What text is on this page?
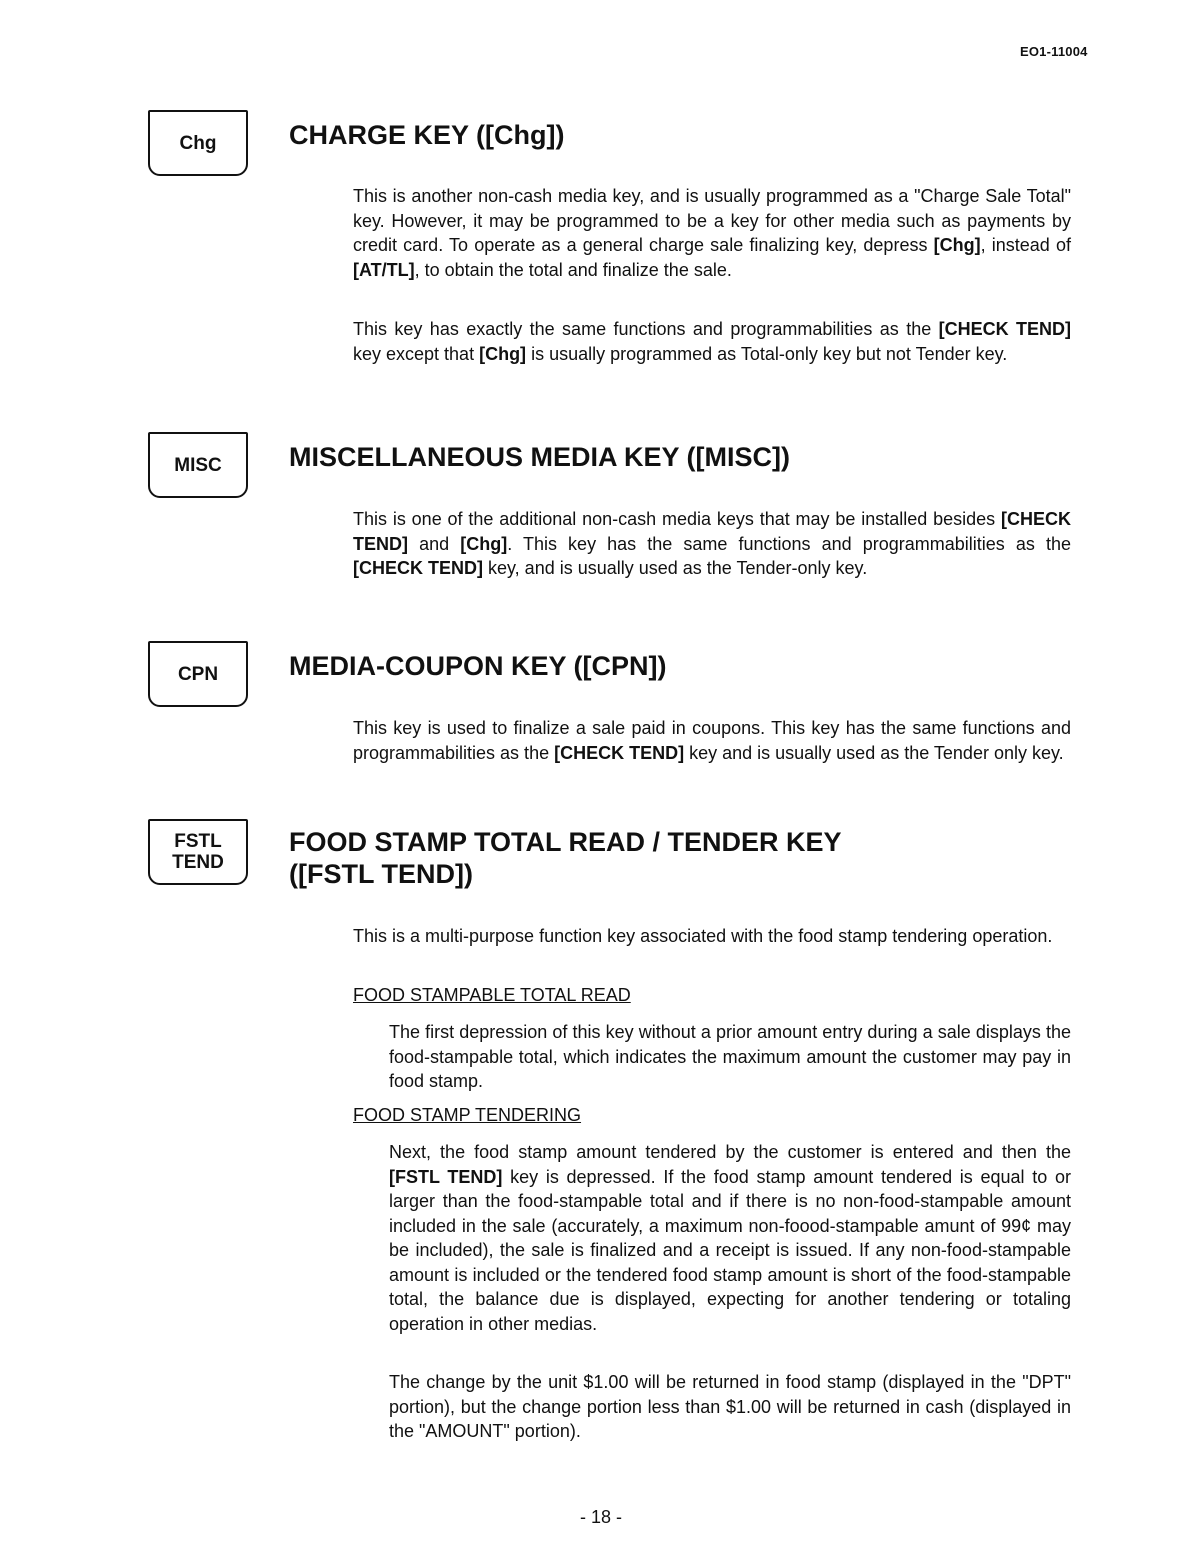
EO1-11004
Chg	CHARGE KEY ([Chg])

This is another non-cash media key, and is usually programmed as a "Charge Sale Total" key. However, it may be programmed to be a key for other media such as payments by credit card. To operate as a general charge sale finalizing key, depress [Chg], instead of [AT/TL], to obtain the total and finalize the sale.

This key has exactly the same functions and programmabilities as the [CHECK TEND] key except that [Chg] is usually programmed as Total-only key but not Tender key.

MISC MISCELLANEOUS MEDIA KEY ([MISC])

This is one of the additional non-cash media keys that may be installed besides [CHECK TEND] and [Chg]. This key has the same functions and programmabilities as the [CHECK TEND] key, and is usually used as the Tender-only key.

CPN	MEDIA-COUPON KEY ([CPN])

This key is used to finalize a sale paid in coupons. This key has the same functions and programmabilities as the [CHECK TEND] key and is usually used as the Tender only key.

FSTL
TEND
FOOD STAMP TOTAL READ / TENDER KEY
([FSTL TEND])

This is a multi-purpose function key associated with the food stamp tendering operation.

FOOD STAMPABLE TOTAL READ

The first depression of this key without a prior amount entry during a sale displays the food-stampable total, which indicates the maximum amount the customer may pay in food stamp.

FOOD STAMP TENDERING

Next, the food stamp amount tendered by the customer is entered and then the [FSTL TEND] key is depressed. If the food stamp amount tendered is equal to or larger than the food-stampable total and if there is no non-food-stampable amount included in the sale (accurately, a maximum non-foood-stampable amunt of 99¢ may be included), the sale is finalized and a receipt is issued. If any non-food-stampable amount is included or the tendered food stamp amount is short of the food-stampable total, the balance due is displayed, expecting for another tendering or totaling operation in other medias.

The change by the unit $1.00 will be returned in food stamp (displayed in the "DPT" portion), but the change portion less than $1.00 will be returned in cash (displayed in the "AMOUNT" portion).

- 18 -
